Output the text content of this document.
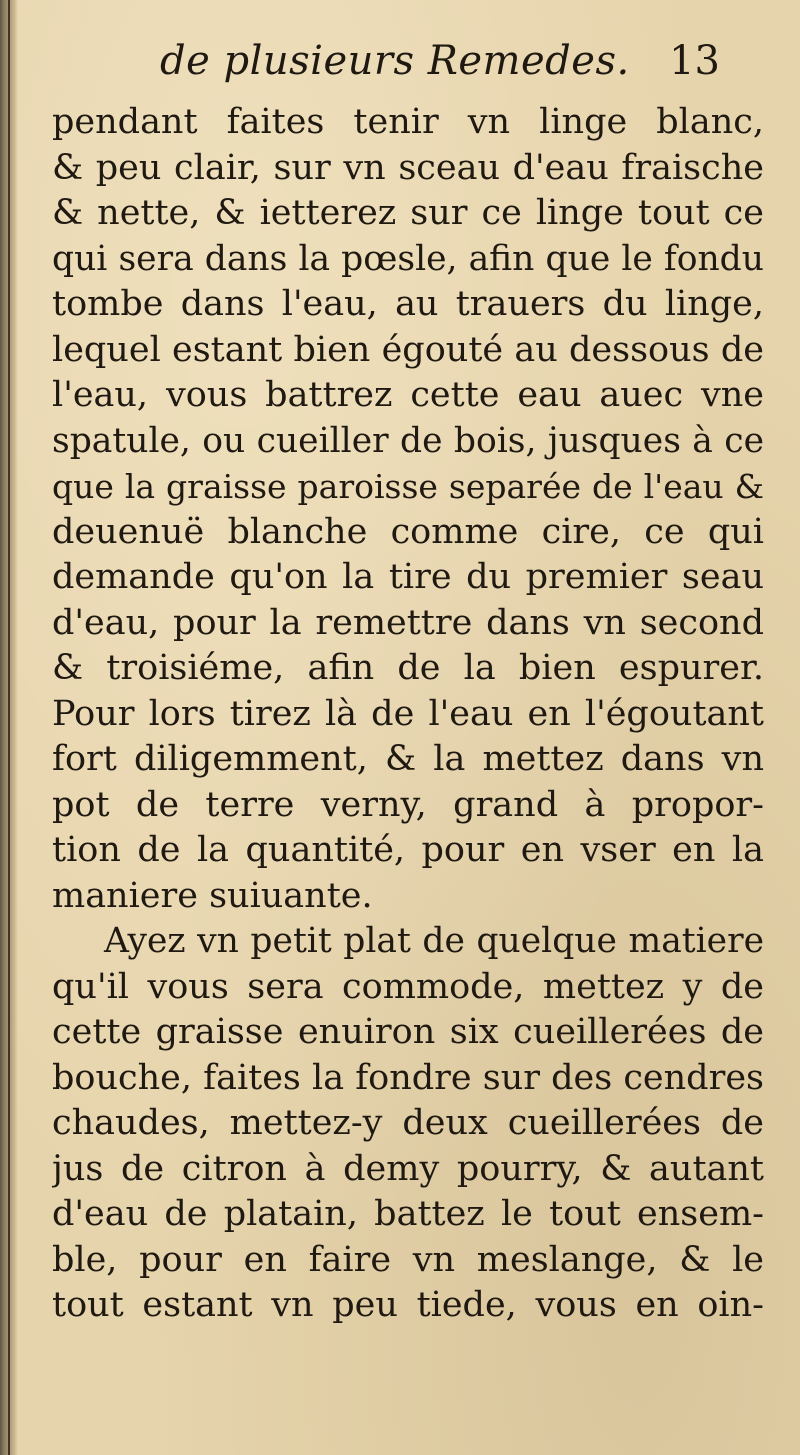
de plusieurs Remedes. 13
pendant faites tenir vn linge blanc,
& peu clair, sur vn sceau d'eau fraische
& nette, & ietterez sur ce linge tout ce
qui sera dans la pœsle, afin que le fondu
tombe dans l'eau, au trauers du linge,
lequel estant bien égouté au dessous de
l'eau, vous battrez cette eau auec vne
spatule, ou cueiller de bois, jusques à ce
que la graisse paroisse separée de l'eau &
deuenuë blanche comme cire, ce qui
demande qu'on la tire du premier seau
d'eau, pour la remettre dans vn second
& troisiéme, afin de la bien espurer.
Pour lors tirez là de l'eau en l'égoutant
fort diligemment, & la mettez dans vn
pot de terre verny, grand à propor-
tion de la quantité, pour en vser en la
maniere suiuante.
Ayez vn petit plat de quelque matiere
qu'il vous sera commode, mettez y de
cette graisse enuiron six cueillerées de
bouche, faites la fondre sur des cendres
chaudes, mettez-y deux cueillerées de
jus de citron à demy pourry, & autant
d'eau de platain, battez le tout ensem-
ble, pour en faire vn meslange, & le
tout estant vn peu tiede, vous en oin-
